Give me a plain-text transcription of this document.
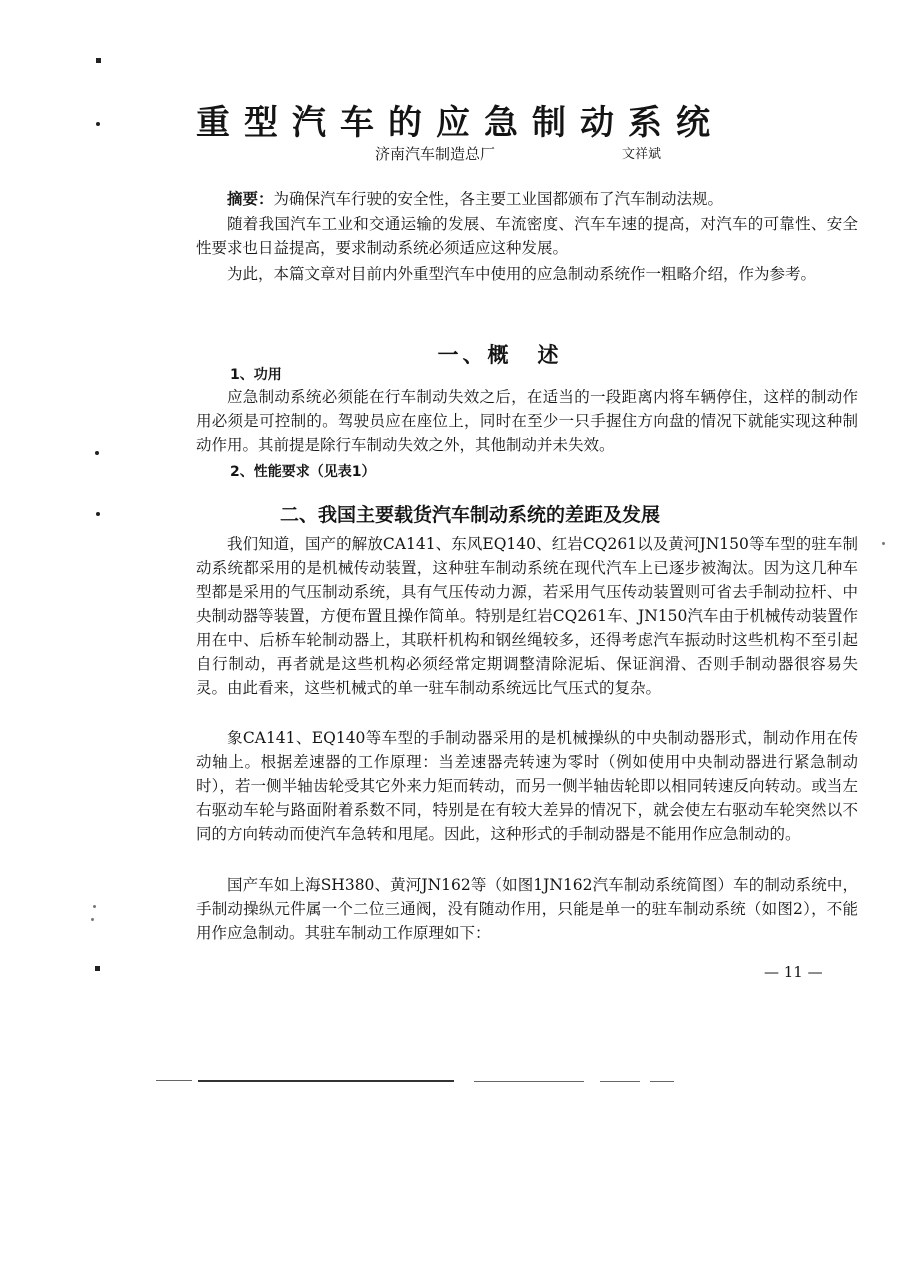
重型汽车的应急制动系统
济南汽车制造总厂	文祥斌

摘要：为确保汽车行驶的安全性，各主要工业国都颁布了汽车制动法规。

随着我国汽车工业和交通运输的发展、车流密度、汽车车速的提高，对汽车的可靠性、安全性要求也日益提高，要求制动系统必须适应这种发展。

为此，本篇文章对目前内外重型汽车中使用的应急制动系统作一粗略介绍，作为参考。

一、概　述
1、功用

应急制动系统必须能在行车制动失效之后，在适当的一段距离内将车辆停住，这样的制动作用必须是可控制的。驾驶员应在座位上，同时在至少一只手握住方向盘的情况下就能实现这种制动作用。其前提是除行车制动失效之外，其他制动并未失效。

2、性能要求（见表1）
二、我国主要载货汽车制动系统的差距及发展

我们知道，国产的解放CA141、东风EQ140、红岩CQ261以及黄河JN150等车型的驻车制动系统都采用的是机械传动装置，这种驻车制动系统在现代汽车上已逐步被淘汰。因为这几种车型都是采用的气压制动系统，具有气压传动力源，若采用气压传动装置则可省去手制动拉杆、中央制动器等装置，方便布置且操作简单。特别是红岩CQ261车、JN150汽车由于机械传动装置作用在中、后桥车轮制动器上，其联杆机构和钢丝绳较多，还得考虑汽车振动时这些机构不至引起自行制动，再者就是这些机构必须经常定期调整清除泥垢、保证润滑、否则手制动器很容易失灵。由此看来，这些机械式的单一驻车制动系统远比气压式的复杂。

象CA141、EQ140等车型的手制动器采用的是机械操纵的中央制动器形式，制动作用在传动轴上。根据差速器的工作原理：当差速器壳转速为零时（例如使用中央制动器进行紧急制动时），若一侧半轴齿轮受其它外来力矩而转动，而另一侧半轴齿轮即以相同转速反向转动。或当左右驱动车轮与路面附着系数不同，特别是在有较大差异的情况下，就会使左右驱动车轮突然以不同的方向转动而使汽车急转和甩尾。因此，这种形式的手制动器是不能用作应急制动的。

国产车如上海SH380、黄河JN162等（如图1JN162汽车制动系统简图）车的制动系统中，手制动操纵元件属一个二位三通阀，没有随动作用，只能是单一的驻车制动系统（如图2），不能用作应急制动。其驻车制动工作原理如下：

— 11 —
